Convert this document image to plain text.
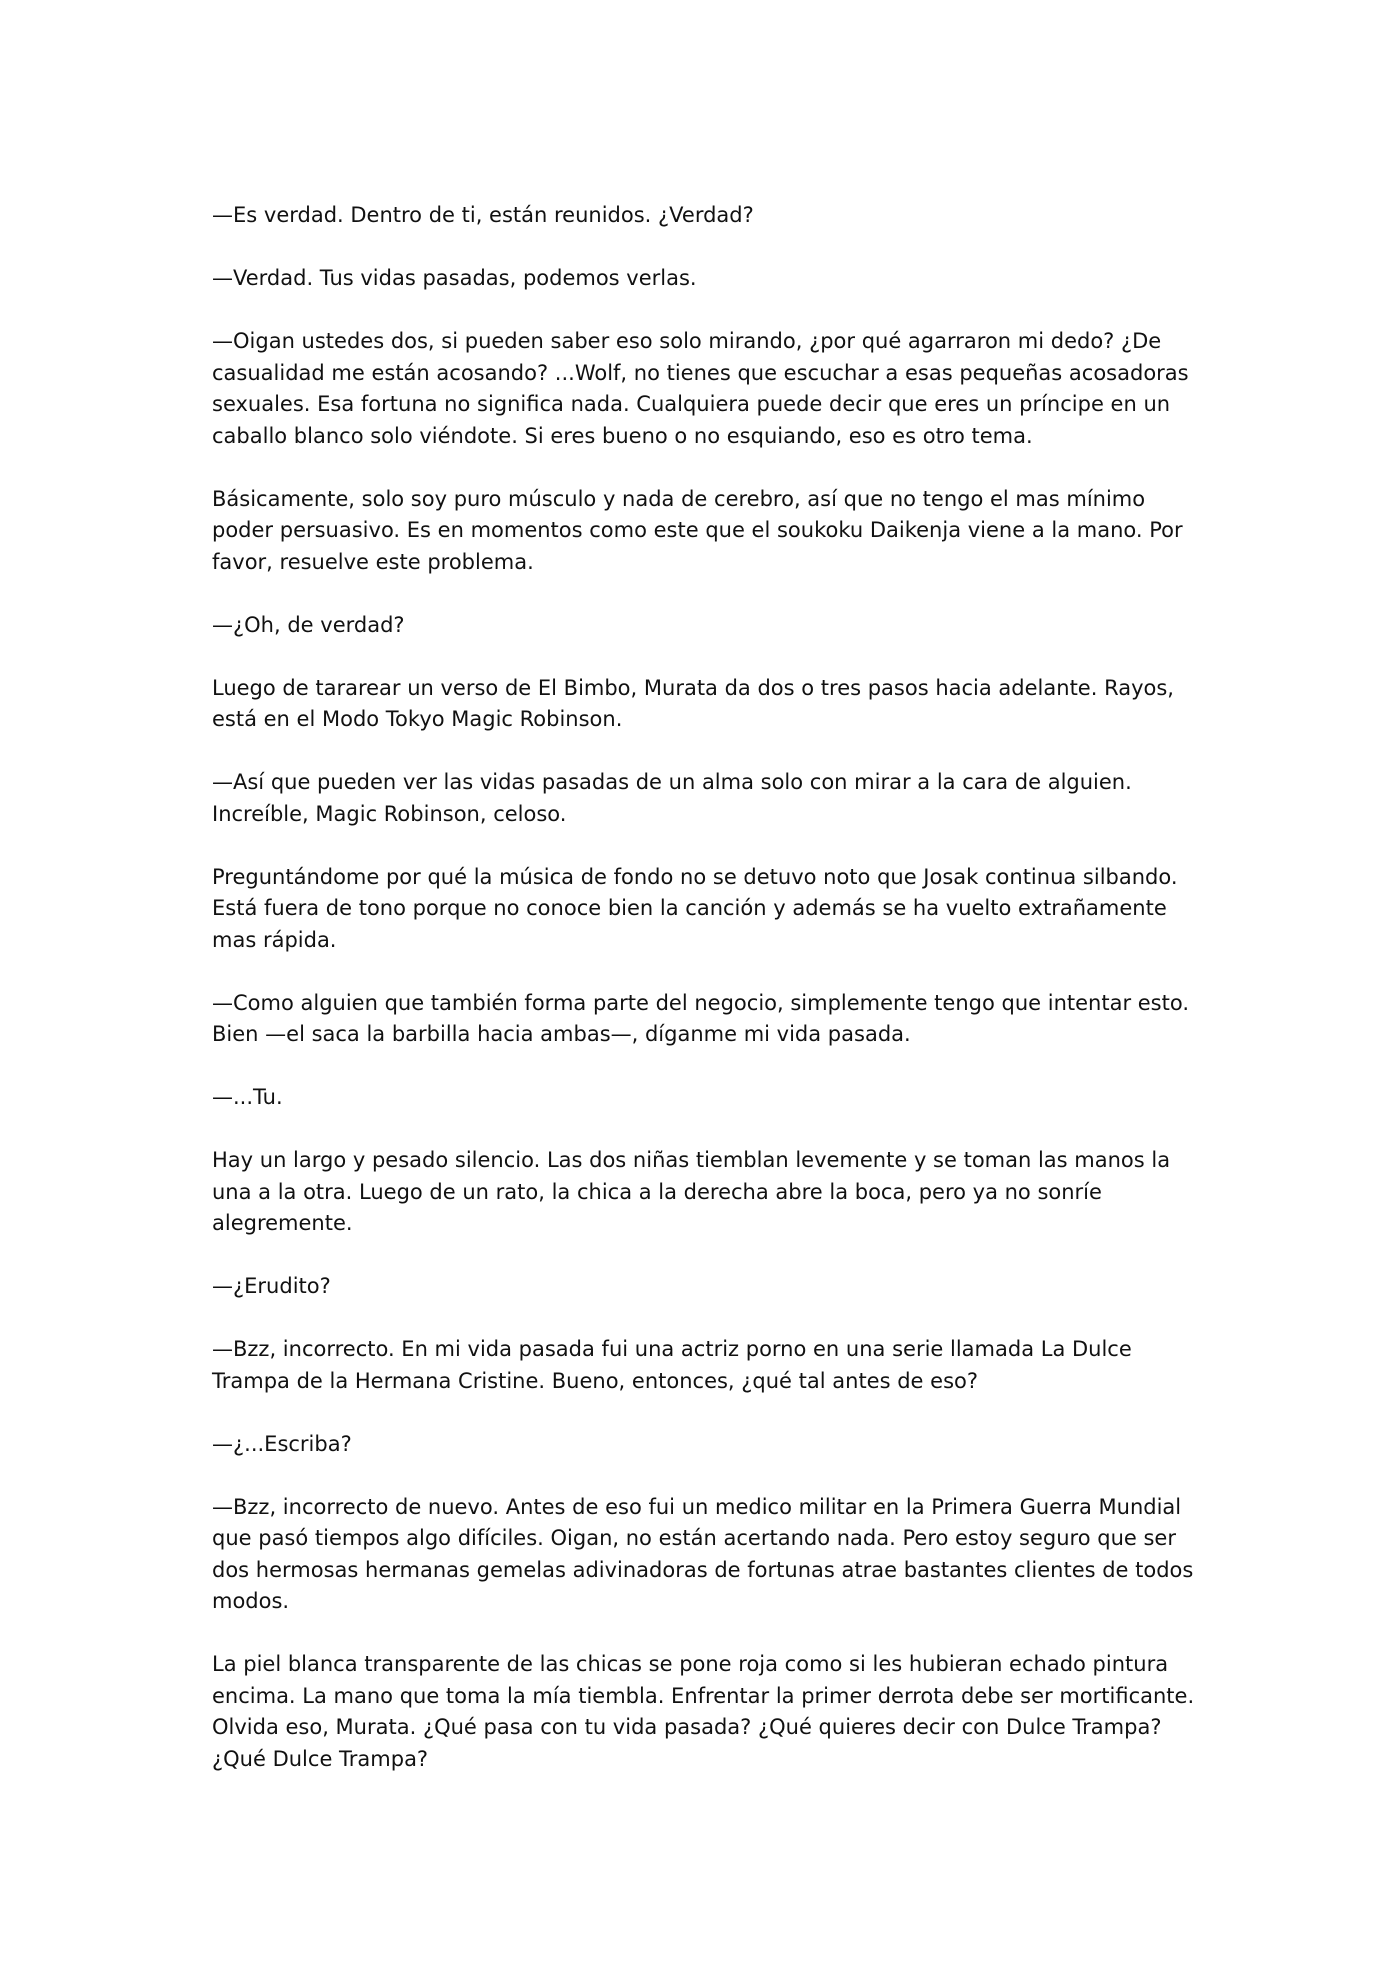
—Es verdad. Dentro de ti, están reunidos. ¿Verdad?

—Verdad. Tus vidas pasadas, podemos verlas.

—Oigan ustedes dos, si pueden saber eso solo mirando, ¿por qué agarraron mi dedo? ¿De casualidad me están acosando? ...Wolf, no tienes que escuchar a esas pequeñas acosadoras sexuales. Esa fortuna no significa nada. Cualquiera puede decir que eres un príncipe en un caballo blanco solo viéndote. Si eres bueno o no esquiando, eso es otro tema.

Básicamente, solo soy puro músculo y nada de cerebro, así que no tengo el mas mínimo poder persuasivo. Es en momentos como este que el soukoku Daikenja viene a la mano. Por favor, resuelve este problema.

—¿Oh, de verdad?

Luego de tararear un verso de El Bimbo, Murata da dos o tres pasos hacia adelante. Rayos, está en el Modo Tokyo Magic Robinson.

—Así que pueden ver las vidas pasadas de un alma solo con mirar a la cara de alguien. Increíble, Magic Robinson, celoso.

Preguntándome por qué la música de fondo no se detuvo noto que Josak continua silbando. Está fuera de tono porque no conoce bien la canción y además se ha vuelto extrañamente mas rápida.

—Como alguien que también forma parte del negocio, simplemente tengo que intentar esto. Bien —el saca la barbilla hacia ambas—, díganme mi vida pasada.

—...Tu.

Hay un largo y pesado silencio. Las dos niñas tiemblan levemente y se toman las manos la una a la otra. Luego de un rato, la chica a la derecha abre la boca, pero ya no sonríe alegremente.

—¿Erudito?

—Bzz, incorrecto. En mi vida pasada fui una actriz porno en una serie llamada La Dulce Trampa de la Hermana Cristine. Bueno, entonces, ¿qué tal antes de eso?

—¿...Escriba?

—Bzz, incorrecto de nuevo. Antes de eso fui un medico militar en la Primera Guerra Mundial que pasó tiempos algo difíciles. Oigan, no están acertando nada. Pero estoy seguro que ser dos hermosas hermanas gemelas adivinadoras de fortunas atrae bastantes clientes de todos modos.

La piel blanca transparente de las chicas se pone roja como si les hubieran echado pintura encima. La mano que toma la mía tiembla. Enfrentar la primer derrota debe ser mortificante. Olvida eso, Murata. ¿Qué pasa con tu vida pasada? ¿Qué quieres decir con Dulce Trampa? ¿Qué Dulce Trampa?
